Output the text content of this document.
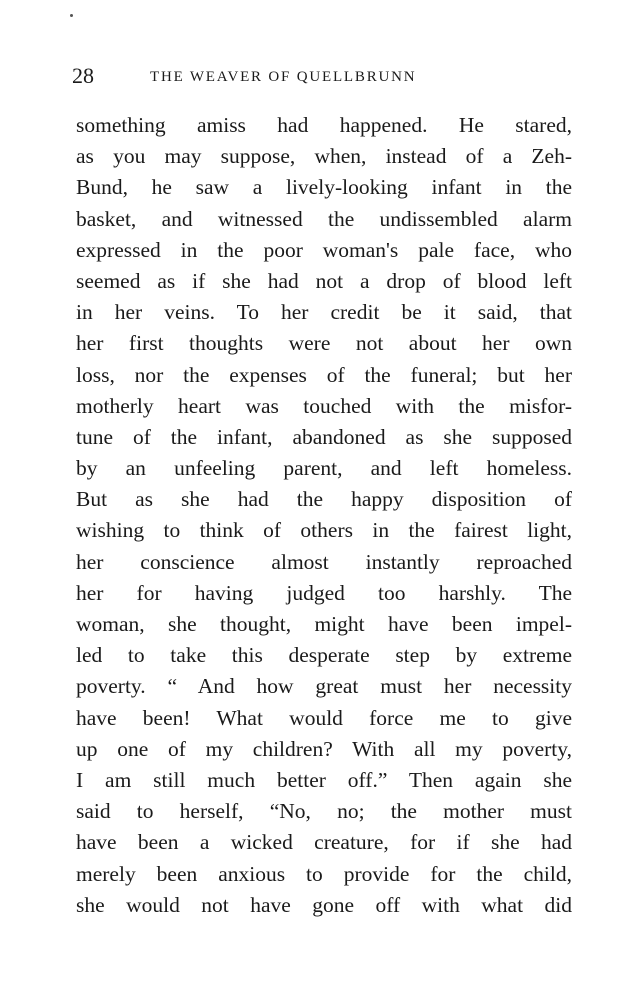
28	THE WEAVER OF QUELLBRUNN
something amiss had happened. He stared,
as you may suppose, when, instead of a Zeh-
Bund, he saw a lively-looking infant in the
basket, and witnessed the undissembled alarm
expressed in the poor woman's pale face, who
seemed as if she had not a drop of blood left
in her veins. To her credit be it said, that
her first thoughts were not about her own
loss, nor the expenses of the funeral; but her
motherly heart was touched with the misfor-
tune of the infant, abandoned as she supposed
by an unfeeling parent, and left homeless.
But as she had the happy disposition of
wishing to think of others in the fairest light,
her conscience almost instantly reproached
her for having judged too harshly. The
woman, she thought, might have been impel-
led to take this desperate step by extreme
poverty. “ And how great must her necessity
have been! What would force me to give
up one of my children? With all my poverty,
I am still much better off.” Then again she
said to herself, “No, no; the mother must
have been a wicked creature, for if she had
merely been anxious to provide for the child,
she would not have gone off with what did
